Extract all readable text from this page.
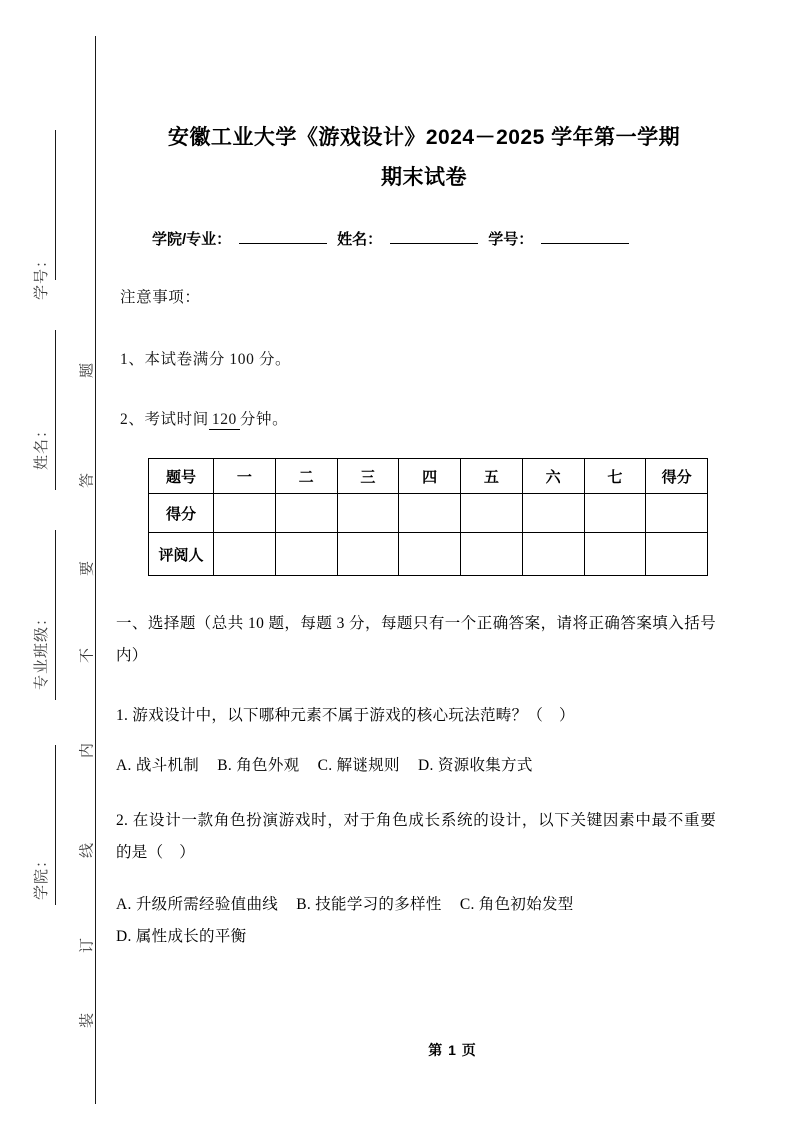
学号：
姓名：
专业班级：
学院：
题
答
要
不
内
线
订
装
安徽工业大学《游戏设计》2024－2025 学年第一学期
期末试卷
学院/专业：	姓名：	学号：
注意事项：
1、本试卷满分 100 分。
2、考试时间 120 分钟。
题号	一	二	三	四	五	六	七	得分
得分								
评阅人								
一、选择题（总共 10 题，每题 3 分，每题只有一个正确答案，请将正确答案填入括号内）
1. 游戏设计中，以下哪种元素不属于游戏的核心玩法范畴？（　）
A. 战斗机制 B. 角色外观 C. 解谜规则 D. 资源收集方式
2. 在设计一款角色扮演游戏时，对于角色成长系统的设计，以下关键因素中最不重要的是（　）
A. 升级所需经验值曲线 B. 技能学习的多样性 C. 角色初始发型 D. 属性成长的平衡
第 1 页
